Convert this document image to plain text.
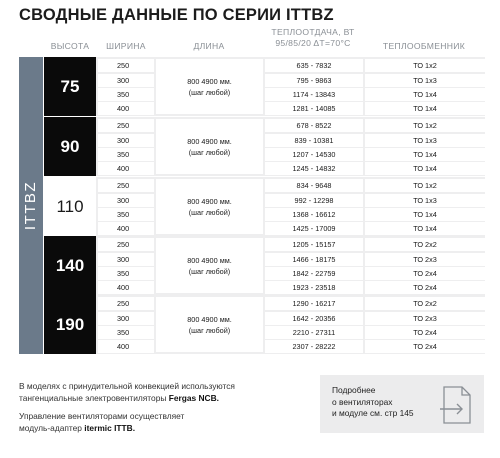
СВОДНЫЕ ДАННЫЕ ПО СЕРИИ ITTBZ
ВЫСОТА	ШИРИНА	ДЛИНА
ТЕПЛООТДАЧА, ВТ
95/85/20 ΔT=70°C	ТЕПЛООБМЕННИК
ITTBZ
75	800 4900 мм.
(шаг любой)
250	635 - 7832	ТО 1х2
300	795 - 9863	ТО 1х3
350	1174 - 13843	ТО 1х4
400	1281 - 14085	ТО 1х4
90	800 4900 мм.
(шаг любой)
250	678 - 8522	ТО 1х2
300	839 - 10381	ТО 1х3
350	1207 - 14530	ТО 1х4
400	1245 - 14832	ТО 1х4
110	800 4900 мм.
(шаг любой)
250	834 - 9648	ТО 1х2
300	992 - 12298	ТО 1х3
350	1368 - 16612	ТО 1х4
400	1425 - 17009	ТО 1х4
140	800 4900 мм.
(шаг любой)
250	1205 - 15157	ТО 2х2
300	1466 - 18175	ТО 2х3
350	1842 - 22759	ТО 2х4
400	1923 - 23518	ТО 2х4
190	800 4900 мм.
(шаг любой)
250	1290 - 16217	ТО 2х2
300	1642 - 20356	ТО 2х3
350	2210 - 27311	ТО 2х4
400	2307 - 28222	ТО 2х4
В моделях с принудительной конвекцией используются
тангенциальные электровентиляторы Fergas NCB.
Управление вентиляторами осуществляет
модуль-адаптер itermic ITTB.
Подробнее
о вентиляторах
и модуле см. стр 145
